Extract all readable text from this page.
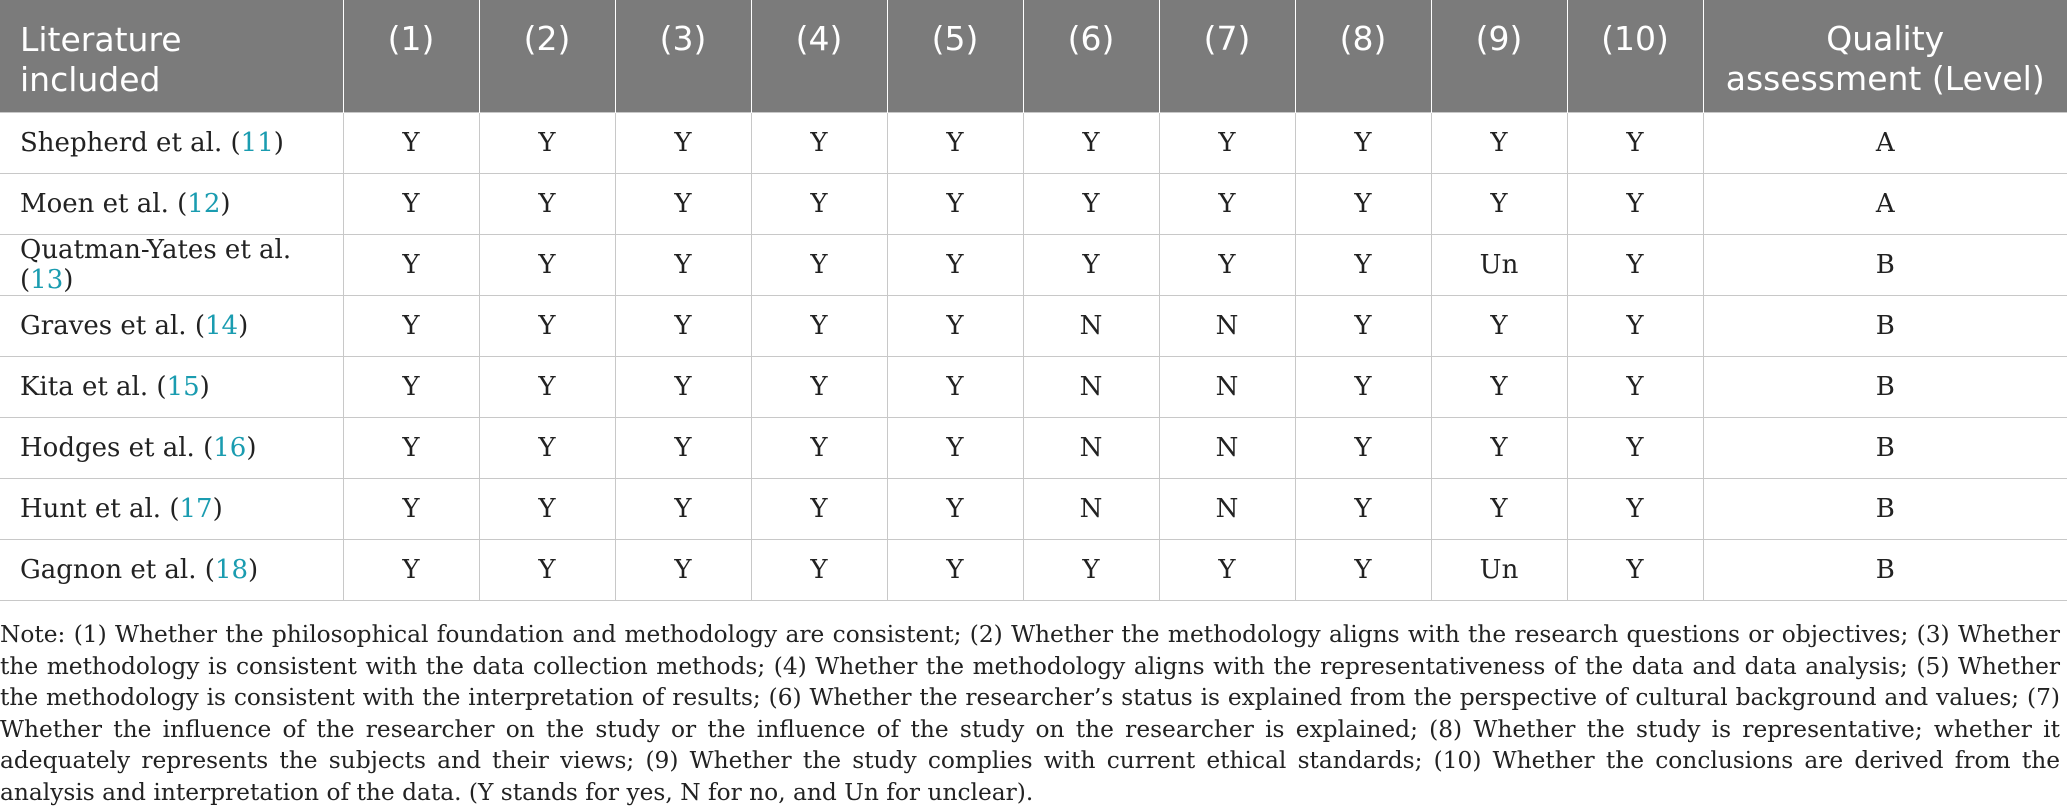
Literature
included	(1)	(2)	(3)	(4)	(5)	(6)	(7)	(8)	(9)	(10)	Quality
assessment (Level)

Shepherd et al. (11)	Y	Y	Y	Y	Y	Y	Y	Y	Y	Y	A
Moen et al. (12)	Y	Y	Y	Y	Y	Y	Y	Y	Y	Y	A
Quatman-Yates et al. (13)	Y	Y	Y	Y	Y	Y	Y	Y	Un	Y	B
Graves et al. (14)	Y	Y	Y	Y	Y	N	N	Y	Y	Y	B
Kita et al. (15)	Y	Y	Y	Y	Y	N	N	Y	Y	Y	B
Hodges et al. (16)	Y	Y	Y	Y	Y	N	N	Y	Y	Y	B
Hunt et al. (17)	Y	Y	Y	Y	Y	N	N	Y	Y	Y	B
Gagnon et al. (18)	Y	Y	Y	Y	Y	Y	Y	Y	Un	Y	B

Note: (1) Whether the philosophical foundation and methodology are consistent; (2) Whether the methodology aligns with the research questions or objectives; (3) Whether the methodology is consistent with the data collection methods; (4) Whether the methodology aligns with the representativeness of the data and data analysis; (5) Whether the methodology is consistent with the interpretation of results; (6) Whether the researcher’s status is explained from the perspective of cultural background and values; (7) Whether the influence of the researcher on the study or the influence of the study on the researcher is explained; (8) Whether the study is representative; whether it adequately represents the subjects and their views; (9) Whether the study complies with current ethical standards; (10) Whether the conclusions are derived from the analysis and interpretation of the data. (Y stands for yes, N for no, and Un for unclear).
